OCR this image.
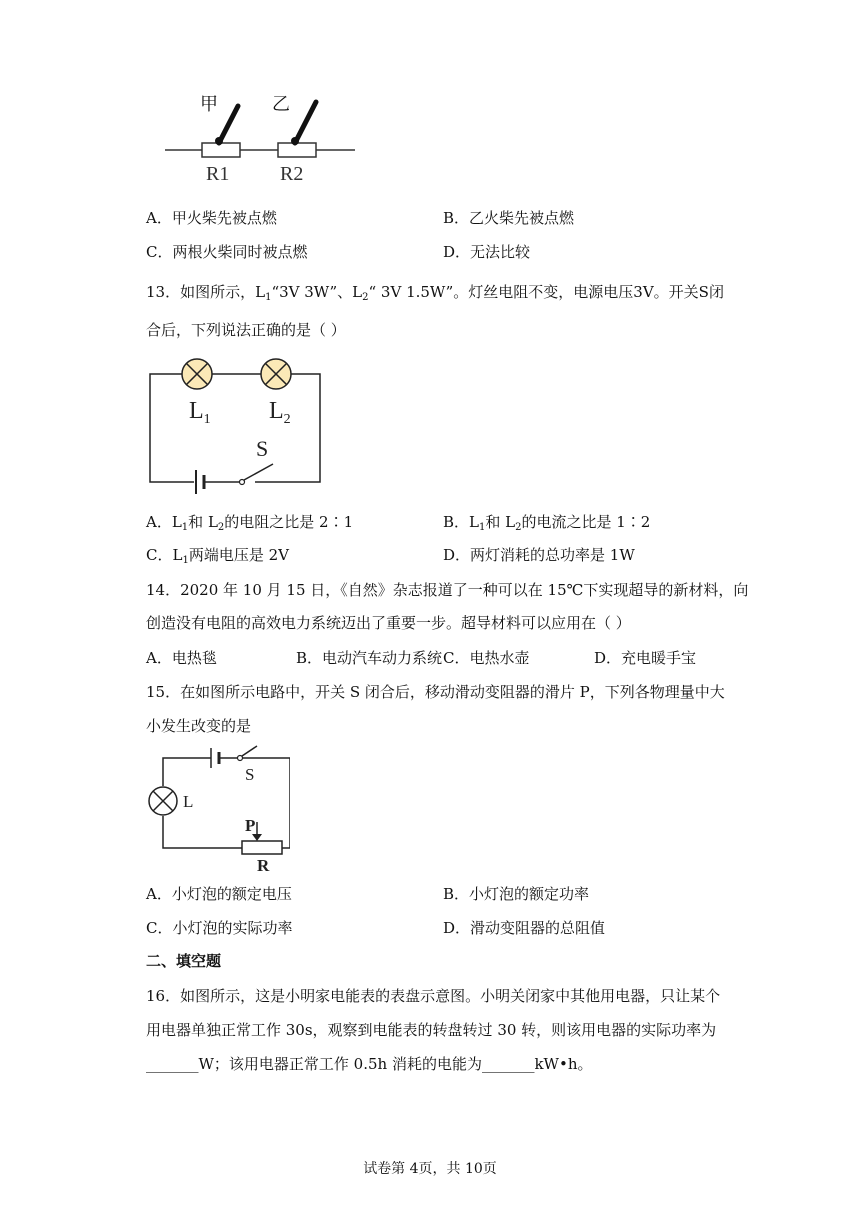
甲	乙
R1	R2
A．甲火柴先被点燃	B．乙火柴先被点燃
C．两根火柴同时被点燃	D．无法比较
13．如图所示，$L_1“3V$ 3W”、$L_2“$ 3V 1.5W”。灯丝电阻不变，电源电压3V。开关S闭
合后，下列说法正确的是（ ）
$L_1$ $L_2$
S
A．$L_1$和 $L_2$的电阻之比是 2∶1	B．$L_1$和 $L_2$的电流之比是 1∶2
C．$L_1$两端电压是 2V	D．两灯消耗的总功率是 1W
14．2020 年 10 月 15 日，《自然》杂志报道了一种可以在 15℃下实现超导的新材料，向
创造没有电阻的高效电力系统迈出了重要一步。超导材料可以应用在（ ）
A．电热毯	B．电动汽车动力系统 C．电热水壶	D．充电暖手宝
15．在如图所示电路中，开关 S 闭合后，移动滑动变阻器的滑片 P，下列各物理量中大
小发生改变的是
S
L
P
R
A．小灯泡的额定电压	B．小灯泡的额定功率
C．小灯泡的实际功率	D．滑动变阻器的总阻值
二、填空题
16．如图所示，这是小明家电能表的表盘示意图。小明关闭家中其他用电器，只让某个
用电器单独正常工作 30s，观察到电能表的转盘转过 30 转，则该用电器的实际功率为
_______W；该用电器正常工作 0.5h 消耗的电能为_______kW•h。
试卷第 4页，共 10页
